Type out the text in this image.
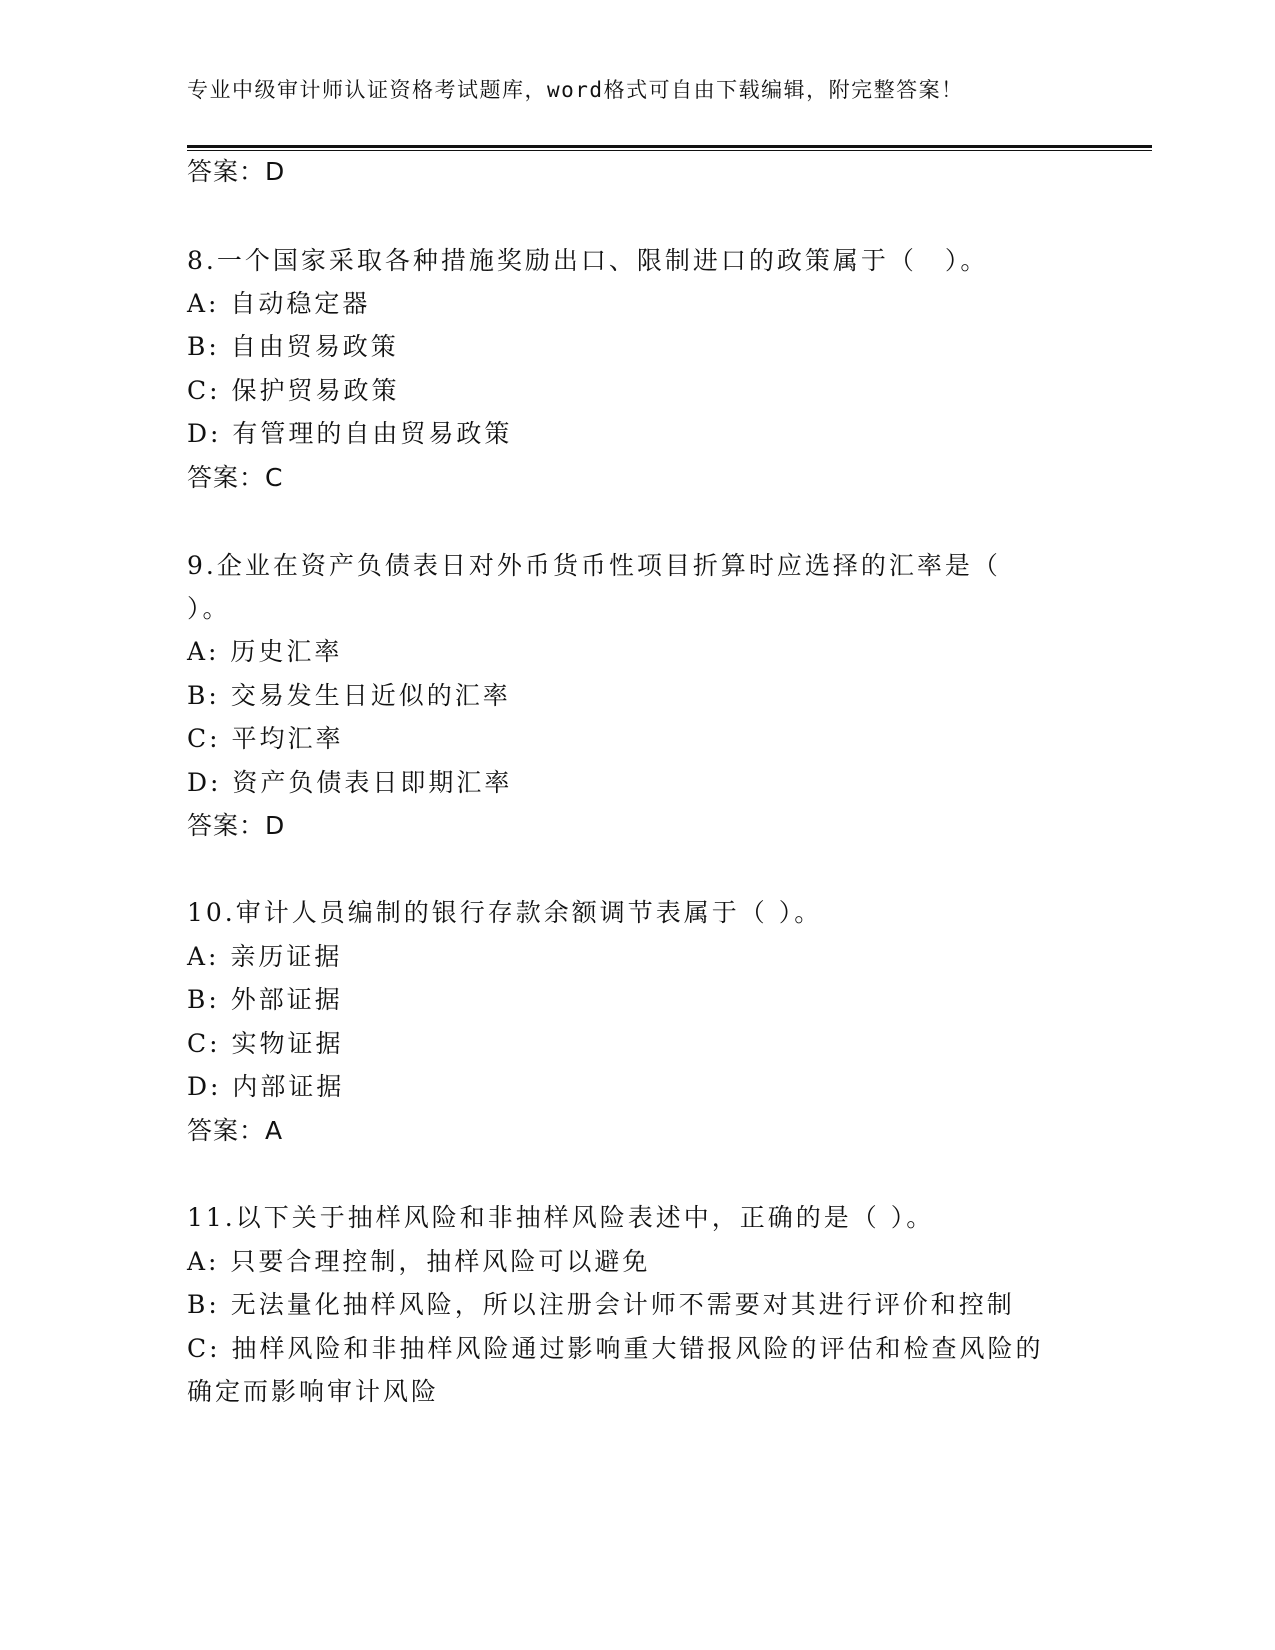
专业中级审计师认证资格考试题库，word格式可自由下载编辑，附完整答案！
答案：D
8.一个国家采取各种措施奖励出口、限制进口的政策属于（　）。
A: 自动稳定器
B: 自由贸易政策
C: 保护贸易政策
D: 有管理的自由贸易政策
答案：C
9.企业在资产负债表日对外币货币性项目折算时应选择的汇率是（
）。
A: 历史汇率
B: 交易发生日近似的汇率
C: 平均汇率
D: 资产负债表日即期汇率
答案：D
10.审计人员编制的银行存款余额调节表属于（ ）。
A: 亲历证据
B: 外部证据
C: 实物证据
D: 内部证据
答案：A
11.以下关于抽样风险和非抽样风险表述中，正确的是（ ）。
A: 只要合理控制，抽样风险可以避免
B: 无法量化抽样风险，所以注册会计师不需要对其进行评价和控制
C: 抽样风险和非抽样风险通过影响重大错报风险的评估和检查风险的
确定而影响审计风险
